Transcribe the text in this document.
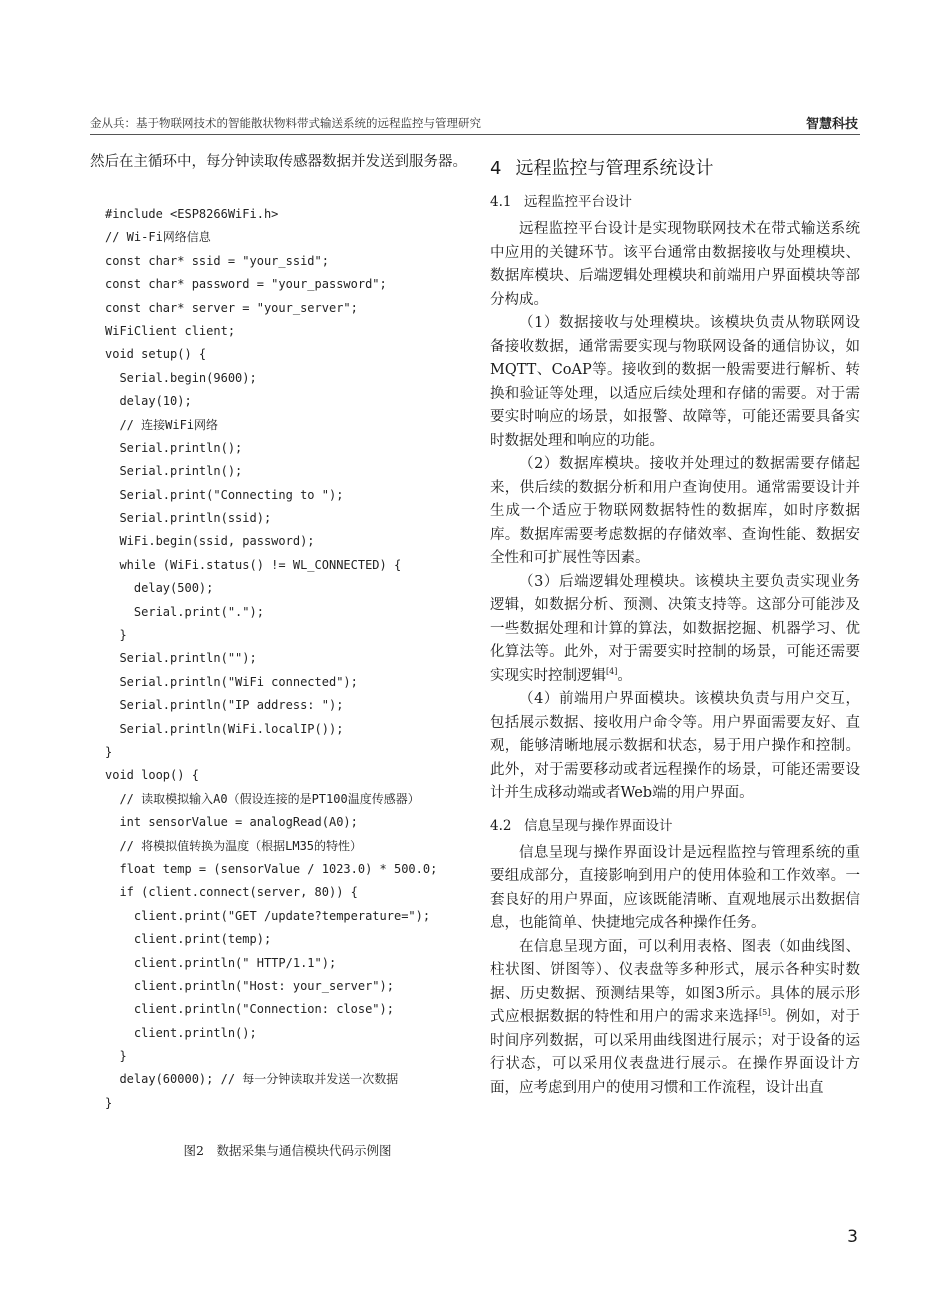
金从兵：基于物联网技术的智能散状物料带式输送系统的远程监控与管理研究	智慧科技

然后在主循环中，每分钟读取传感器数据并发送到服务器。

#include <ESP8266WiFi.h>
// Wi-Fi网络信息
const char* ssid = "your_ssid";
const char* password = "your_password";
const char* server = "your_server";
WiFiClient client;
void setup() {
Serial.begin(9600);
delay(10);
// 连接WiFi网络
Serial.println();
Serial.println();
Serial.print("Connecting to ");
Serial.println(ssid);
WiFi.begin(ssid, password);
while (WiFi.status() != WL_CONNECTED) {
delay(500);
Serial.print(".");
}
Serial.println("");
Serial.println("WiFi connected");
Serial.println("IP address: ");
Serial.println(WiFi.localIP());
}
void loop() {
// 读取模拟输入A0（假设连接的是PT100温度传感器）
int sensorValue = analogRead(A0);
// 将模拟值转换为温度（根据LM35的特性）
float temp = (sensorValue / 1023.0) * 500.0;
if (client.connect(server, 80)) {
client.print("GET /update?temperature=");
client.print(temp);
client.println(" HTTP/1.1");
client.println("Host: your_server");
client.println("Connection: close");
client.println();
}
delay(60000); // 每一分钟读取并发送一次数据
}
图2　数据采集与通信模块代码示例图
4 远程监控与管理系统设计
4.1 远程监控平台设计

远程监控平台设计是实现物联网技术在带式输送系统中应用的关键环节。该平台通常由数据接收与处理模块、数据库模块、后端逻辑处理模块和前端用户界面模块等部分构成。

（1）数据接收与处理模块。该模块负责从物联网设备接收数据，通常需要实现与物联网设备的通信协议，如MQTT、CoAP等。接收到的数据一般需要进行解析、转换和验证等处理，以适应后续处理和存储的需要。对于需要实时响应的场景，如报警、故障等，可能还需要具备实时数据处理和响应的功能。

（2）数据库模块。接收并处理过的数据需要存储起来，供后续的数据分析和用户查询使用。通常需要设计并生成一个适应于物联网数据特性的数据库，如时序数据库。数据库需要考虑数据的存储效率、查询性能、数据安全性和可扩展性等因素。

（3）后端逻辑处理模块。该模块主要负责实现业务逻辑，如数据分析、预测、决策支持等。这部分可能涉及一些数据处理和计算的算法，如数据挖掘、机器学习、优化算法等。此外，对于需要实时控制的场景，可能还需要实现实时控制逻辑[4]。

（4）前端用户界面模块。该模块负责与用户交互，包括展示数据、接收用户命令等。用户界面需要友好、直观，能够清晰地展示数据和状态，易于用户操作和控制。此外，对于需要移动或者远程操作的场景，可能还需要设计并生成移动端或者Web端的用户界面。

4.2 信息呈现与操作界面设计

信息呈现与操作界面设计是远程监控与管理系统的重要组成部分，直接影响到用户的使用体验和工作效率。一套良好的用户界面，应该既能清晰、直观地展示出数据信息，也能简单、快捷地完成各种操作任务。

在信息呈现方面，可以利用表格、图表（如曲线图、柱状图、饼图等）、仪表盘等多种形式，展示各种实时数据、历史数据、预测结果等，如图3所示。具体的展示形式应根据数据的特性和用户的需求来选择[5]。例如，对于时间序列数据，可以采用曲线图进行展示；对于设备的运行状态，可以采用仪表盘进行展示。在操作界面设计方面，应考虑到用户的使用习惯和工作流程，设计出直

3
